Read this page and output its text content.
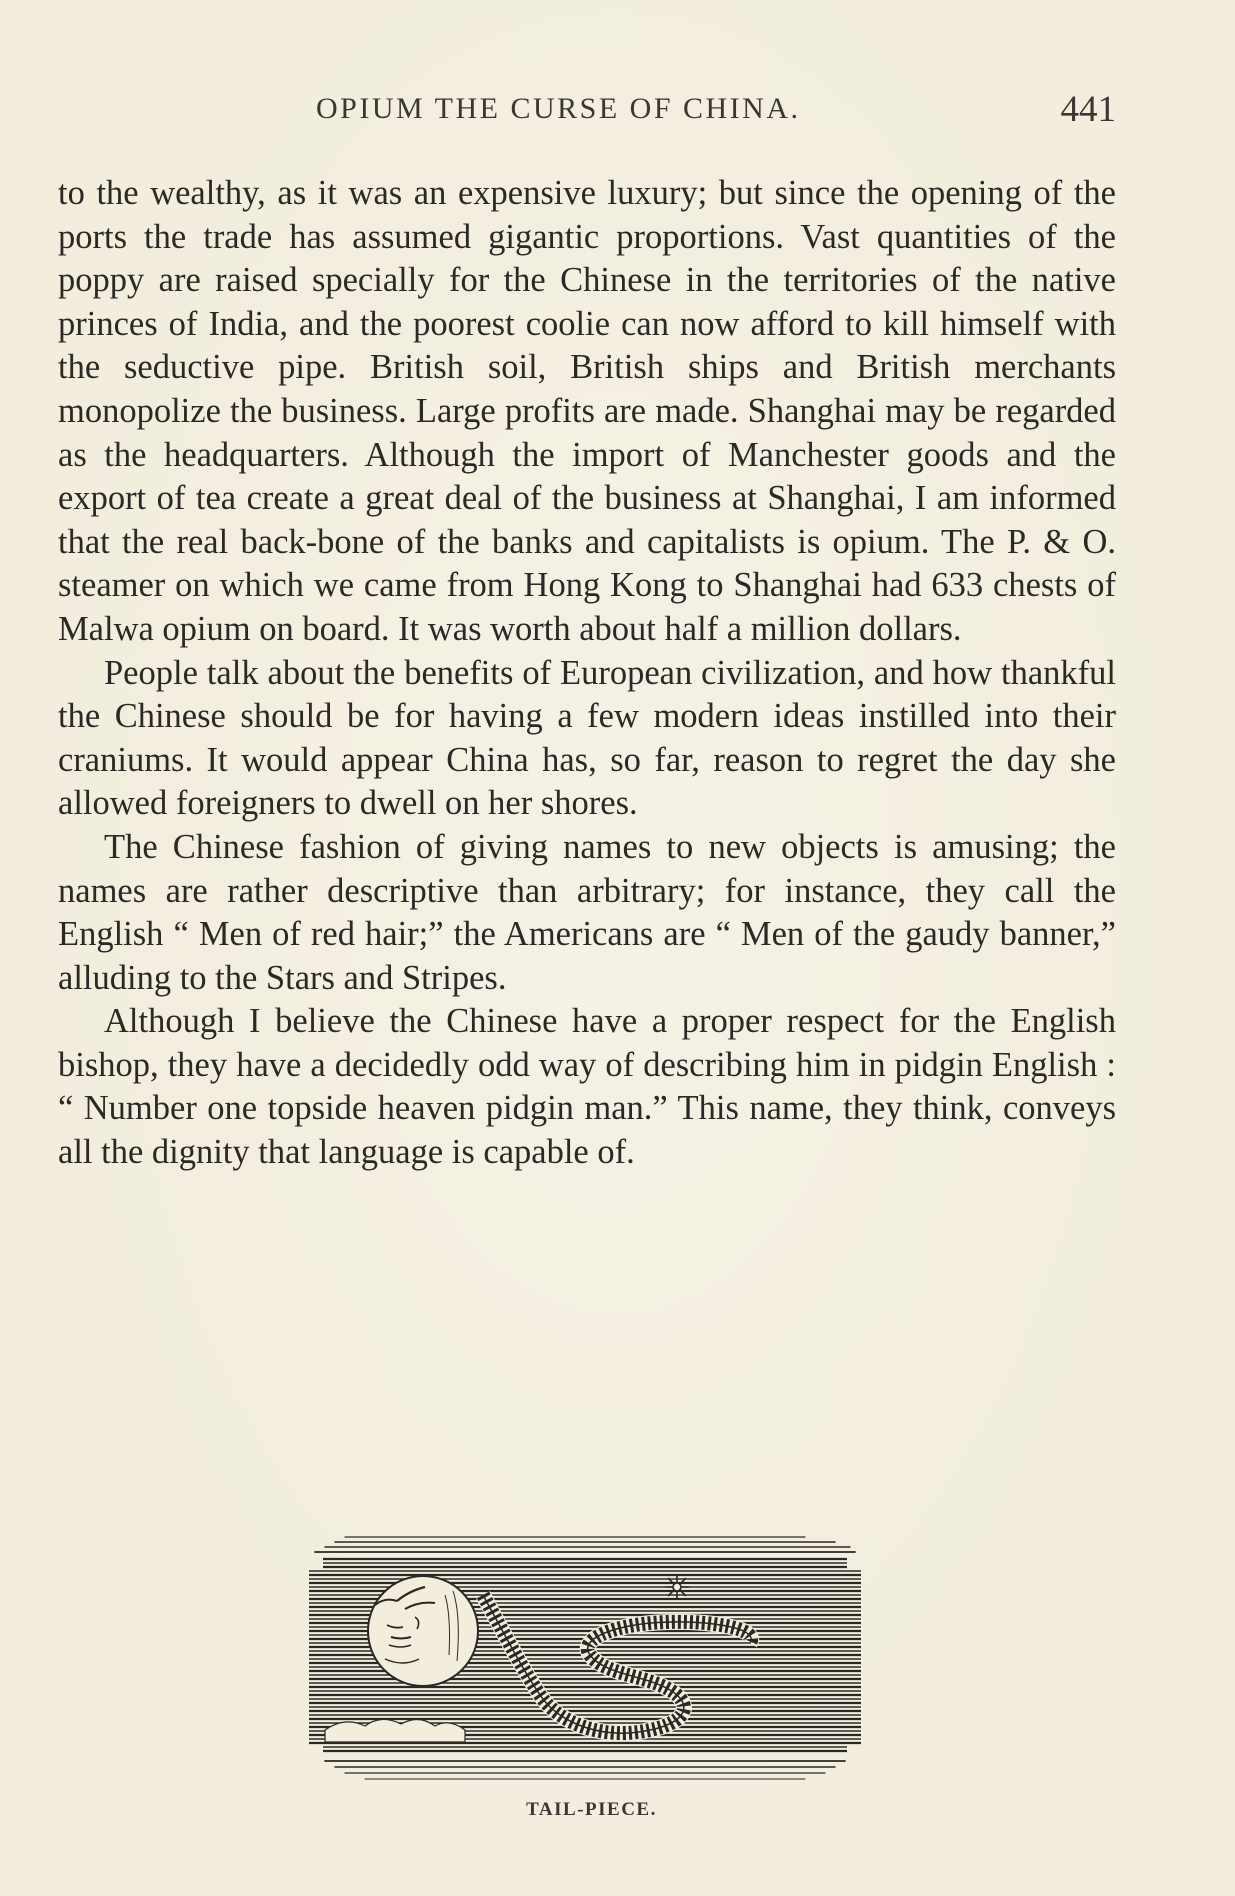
OPIUM THE CURSE OF CHINA.	441

to the wealthy, as it was an expensive luxury; but since the opening of the ports the trade has assumed gigantic proportions. Vast quantities of the poppy are raised specially for the Chinese in the territories of the native princes of India, and the poorest coolie can now afford to kill himself with the seductive pipe. British soil, British ships and British merchants monopolize the business. Large profits are made. Shanghai may be regarded as the headquarters. Although the import of Manchester goods and the export of tea create a great deal of the business at Shanghai, I am informed that the real back-bone of the banks and capitalists is opium. The P. & O. steamer on which we came from Hong Kong to Shanghai had 633 chests of Malwa opium on board. It was worth about half a million dollars.

People talk about the benefits of European civilization, and how thankful the Chinese should be for having a few modern ideas instilled into their craniums. It would appear China has, so far, reason to regret the day she allowed foreigners to dwell on her shores.

The Chinese fashion of giving names to new objects is amusing; the names are rather descriptive than arbitrary; for instance, they call the English “ Men of red hair;” the Americans are “ Men of the gaudy banner,” alluding to the Stars and Stripes.

Although I believe the Chinese have a proper respect for the English bishop, they have a decidedly odd way of describing him in pidgin English : “ Number one topside heaven pidgin man.” This name, they think, conveys all the dignity that language is capable of.

TAIL-PIECE.
